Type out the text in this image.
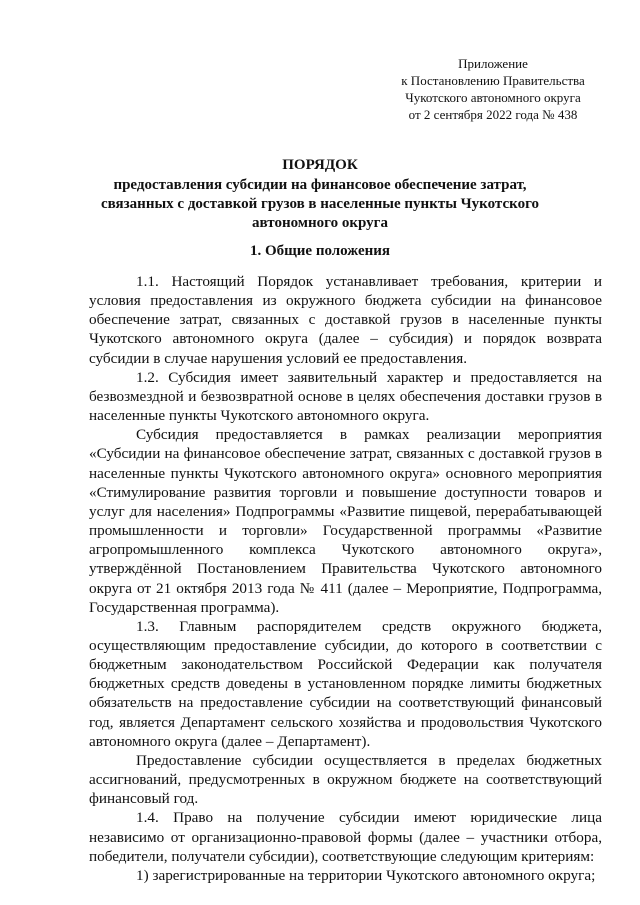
Приложение
к Постановлению Правительства
Чукотского автономного округа
от 2 сентября 2022 года № 438
ПОРЯДОК
предоставления субсидии на финансовое обеспечение затрат,
связанных с доставкой грузов в населенные пункты Чукотского
автономного округа
1. Общие положения

1.1. Настоящий Порядок устанавливает требования, критерии и условия предоставления из окружного бюджета субсидии на финансовое обеспечение затрат, связанных с доставкой грузов в населенные пункты Чукотского автономного округа (далее – субсидия) и порядок возврата субсидии в случае нарушения условий ее предоставления.

1.2. Субсидия имеет заявительный характер и предоставляется на безвозмездной и безвозвратной основе в целях обеспечения доставки грузов в населенные пункты Чукотского автономного округа.

Субсидия предоставляется в рамках реализации мероприятия «Субсидии на финансовое обеспечение затрат, связанных с доставкой грузов в населенные пункты Чукотского автономного округа» основного мероприятия «Стимулирование развития торговли и повышение доступности товаров и услуг для населения» Подпрограммы «Развитие пищевой, перерабатывающей промышленности и торговли» Государственной программы «Развитие агропромышленного комплекса Чукотского автономного округа», утверждённой Постановлением Правительства Чукотского автономного округа от 21 октября 2013 года № 411 (далее – Мероприятие, Подпрограмма, Государственная программа).

1.3. Главным распорядителем средств окружного бюджета, осуществляющим предоставление субсидии, до которого в соответствии с бюджетным законодательством Российской Федерации как получателя бюджетных средств доведены в установленном порядке лимиты бюджетных обязательств на предоставление субсидии на соответствующий финансовый год, является Департамент сельского хозяйства и продовольствия Чукотского автономного округа (далее – Департамент).

Предоставление субсидии осуществляется в пределах бюджетных ассигнований, предусмотренных в окружном бюджете на соответствующий финансовый год.

1.4. Право на получение субсидии имеют юридические лица независимо от организационно-правовой формы (далее – участники отбора, победители, получатели субсидии), соответствующие следующим критериям:

1) зарегистрированные на территории Чукотского автономного округа;
